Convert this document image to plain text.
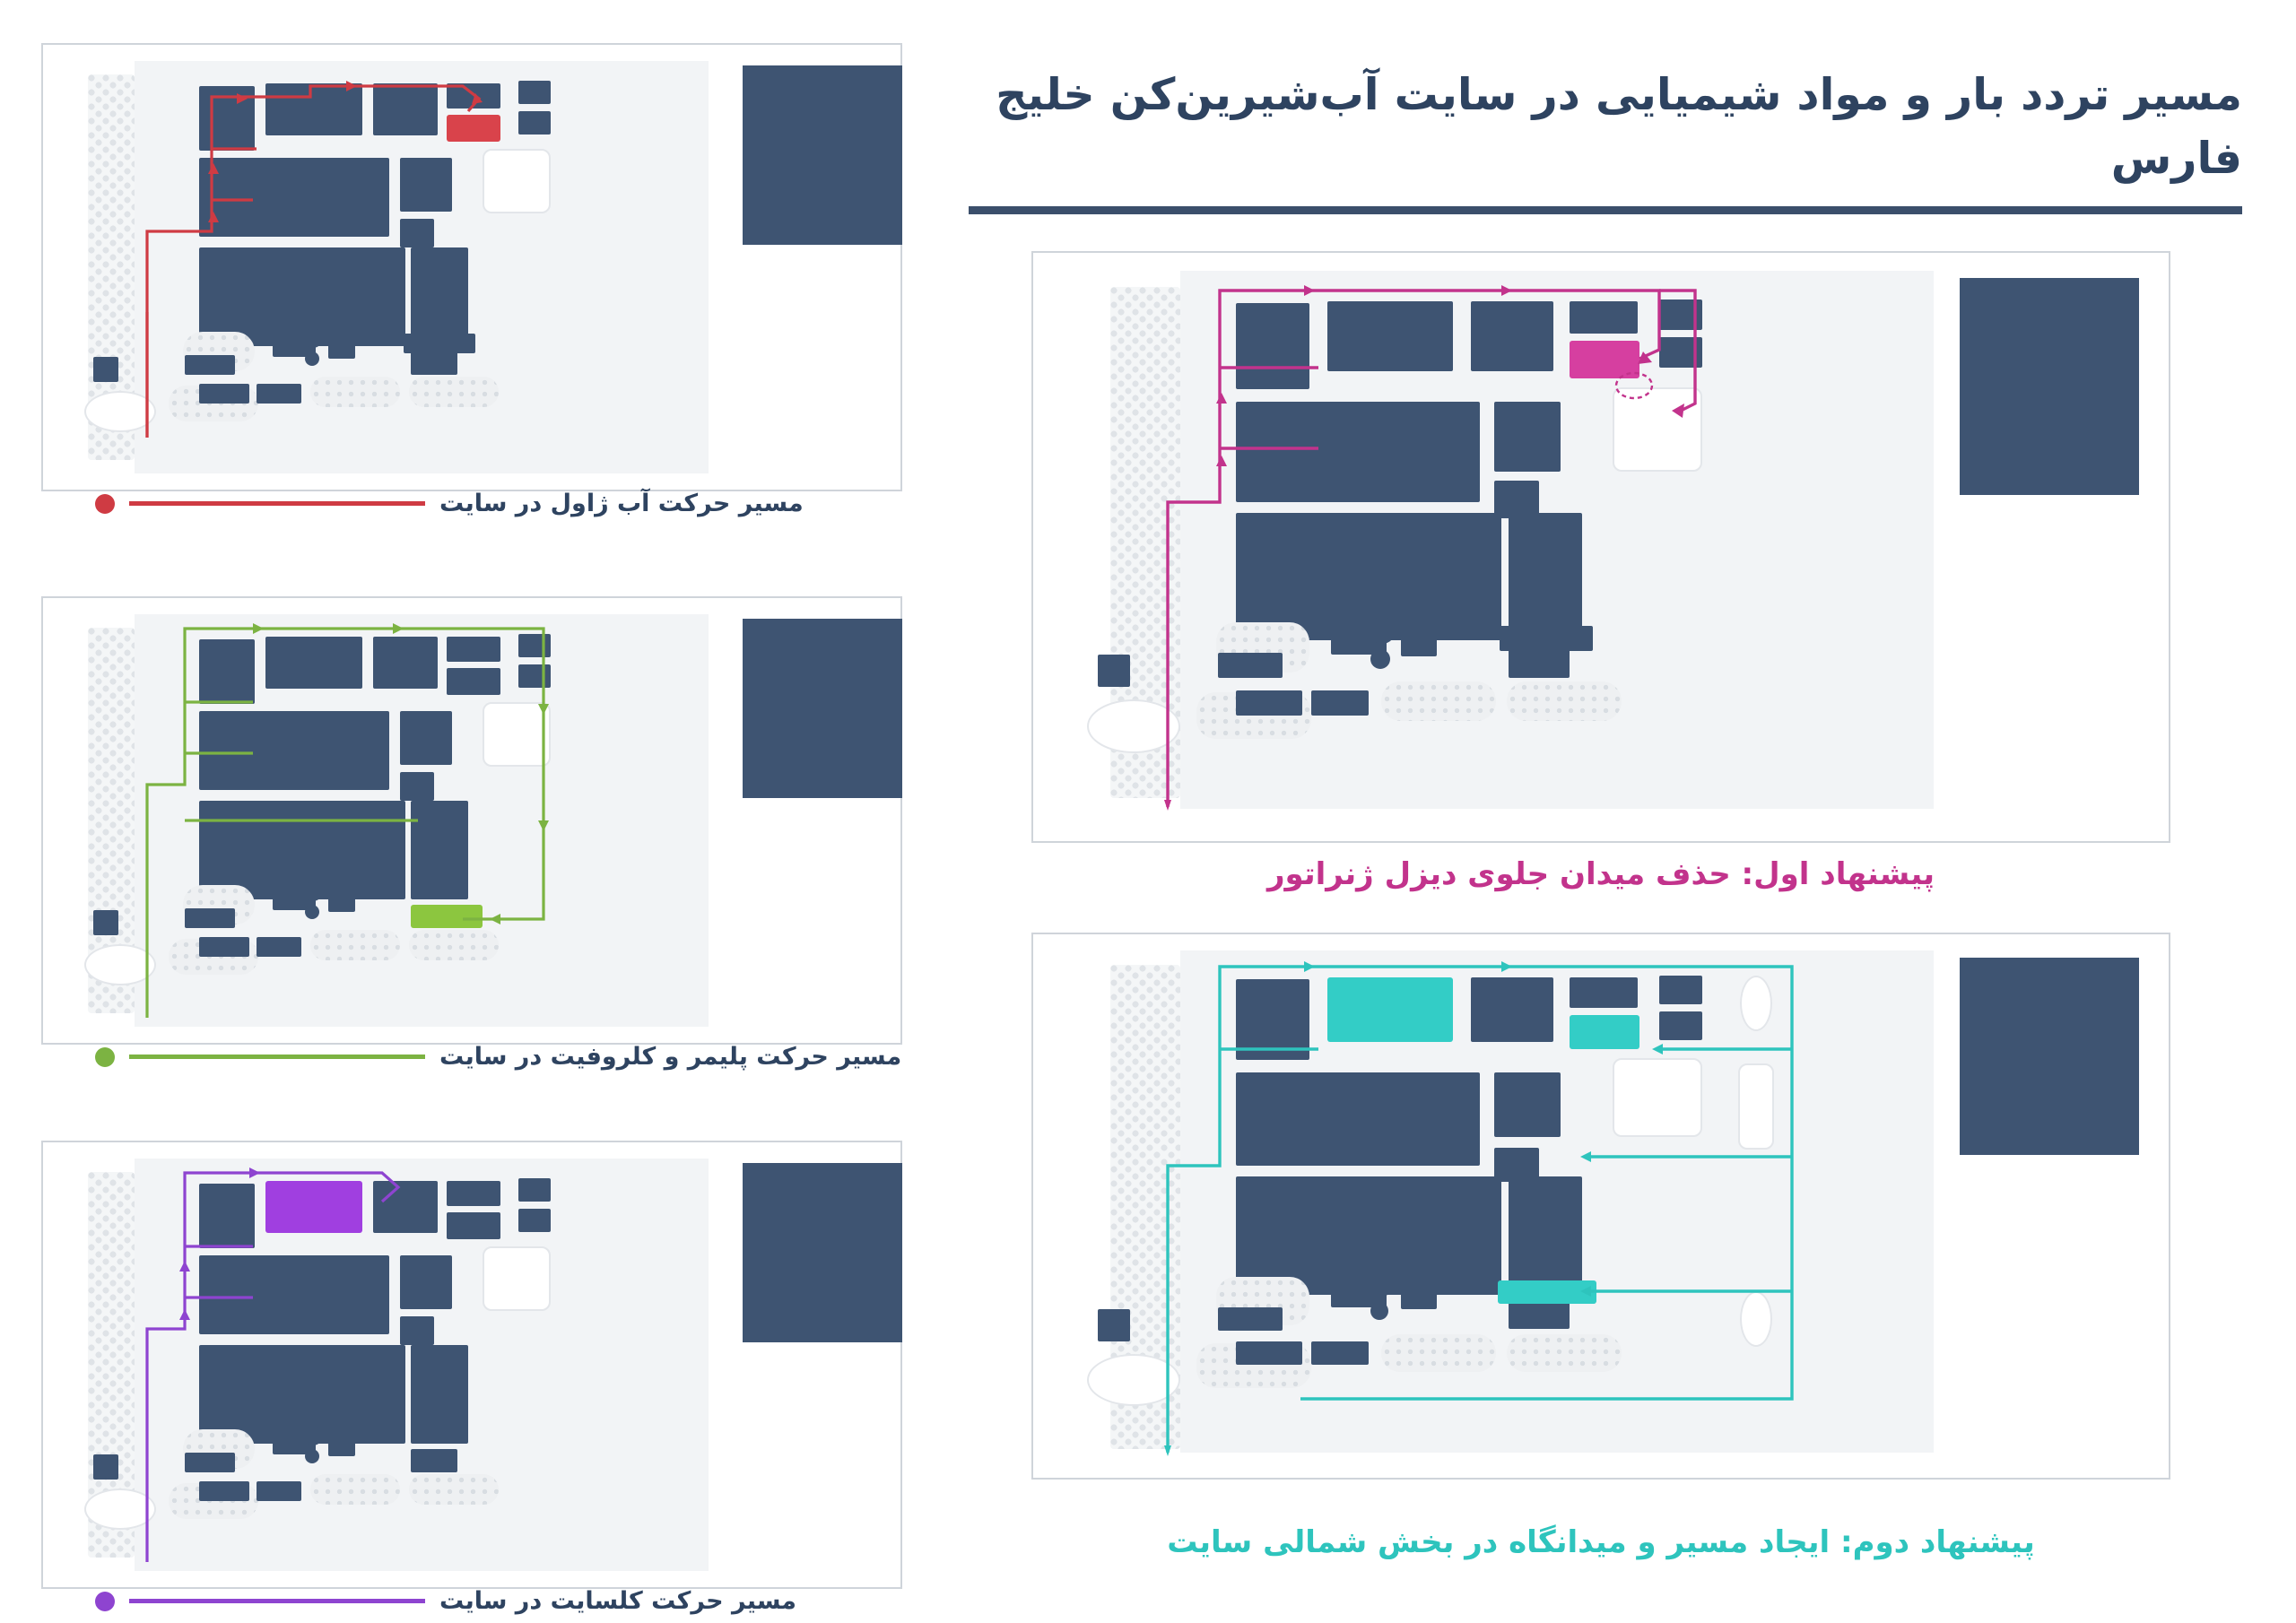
مسیر تردد بار و مواد شیمیایی در سایت آب‌شیرین‌کن خلیج فارس
مسیر حرکت آب ژاول در سایت
مسیر حرکت پلیمر و کلروفیت در سایت
مسیر حرکت کلسایت در سایت
پیشنهاد اول: حذف میدان جلوی دیزل ژنراتور
پیشنهاد دوم: ایجاد مسیر و میدانگاه در بخش شمالی سایت
